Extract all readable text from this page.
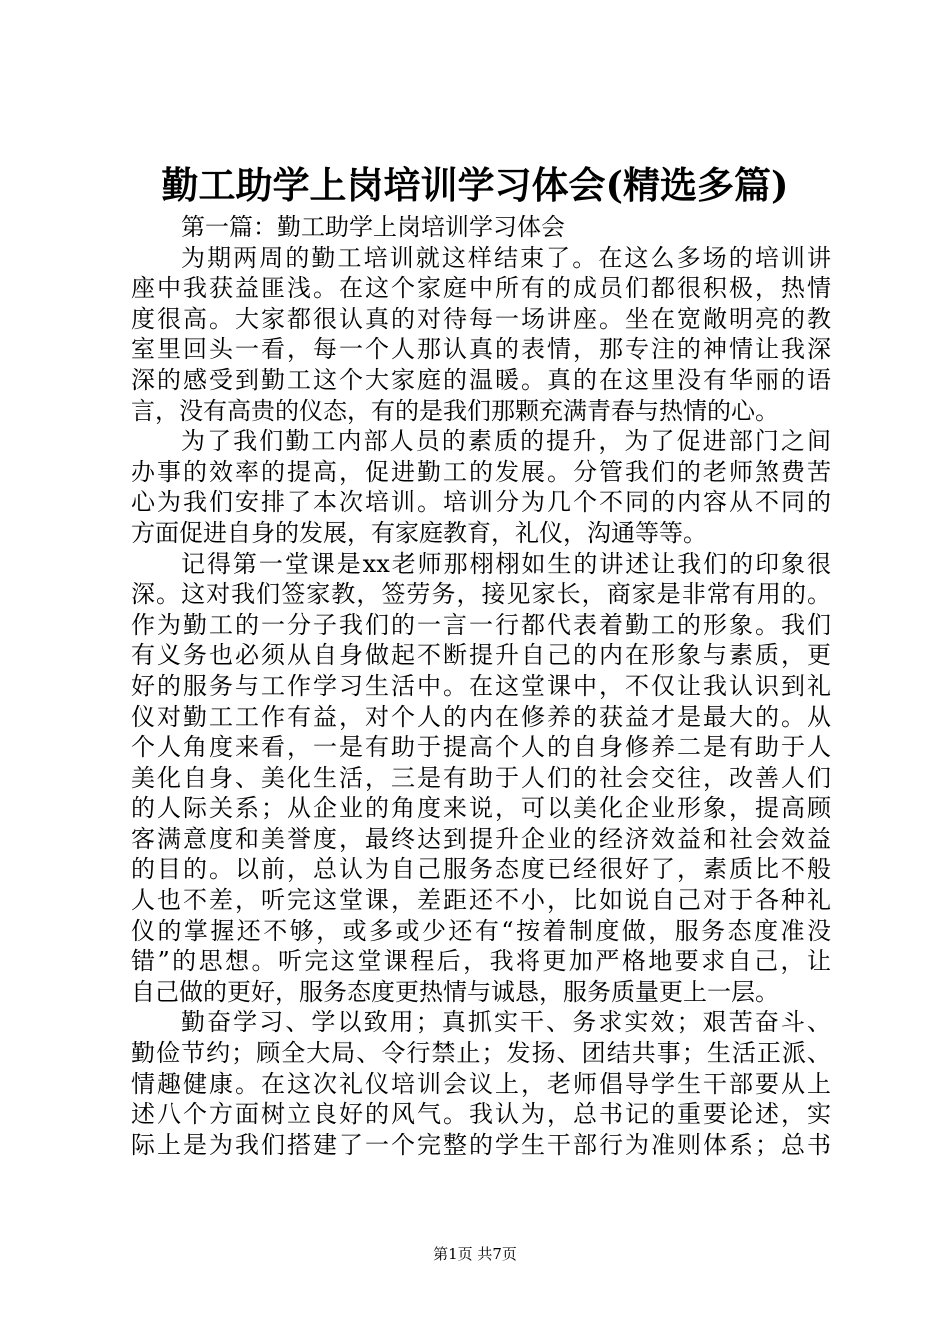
勤工助学上岗培训学习体会(精选多篇)
第一篇：勤工助学上岗培训学习体会
为期两周的勤工培训就这样结束了。在这么多场的培训讲
座中我获益匪浅。在这个家庭中所有的成员们都很积极，热情
度很高。大家都很认真的对待每一场讲座。坐在宽敞明亮的教
室里回头一看，每一个人那认真的表情，那专注的神情让我深
深的感受到勤工这个大家庭的温暖。真的在这里没有华丽的语
言，没有高贵的仪态，有的是我们那颗充满青春与热情的心。
为了我们勤工内部人员的素质的提升，为了促进部门之间
办事的效率的提高，促进勤工的发展。分管我们的老师煞费苦
心为我们安排了本次培训。培训分为几个不同的内容从不同的
方面促进自身的发展，有家庭教育，礼仪，沟通等等。
记得第一堂课是xx老师那栩栩如生的讲述让我们的印象很
深。这对我们签家教，签劳务，接见家长，商家是非常有用的。
作为勤工的一分子我们的一言一行都代表着勤工的形象。我们
有义务也必须从自身做起不断提升自己的内在形象与素质，更
好的服务与工作学习生活中。在这堂课中，不仅让我认识到礼
仪对勤工工作有益，对个人的内在修养的获益才是最大的。从
个人角度来看，一是有助于提高个人的自身修养二是有助于人
美化自身、美化生活，三是有助于人们的社会交往，改善人们
的人际关系；从企业的角度来说，可以美化企业形象，提高顾
客满意度和美誉度，最终达到提升企业的经济效益和社会效益
的目的。以前，总认为自己服务态度已经很好了，素质比不般
人也不差，听完这堂课，差距还不小，比如说自己对于各种礼
仪的掌握还不够，或多或少还有“按着制度做，服务态度准没
错”的思想。听完这堂课程后，我将更加严格地要求自己，让
自己做的更好，服务态度更热情与诚恳，服务质量更上一层。
勤奋学习、学以致用；真抓实干、务求实效；艰苦奋斗、
勤俭节约；顾全大局、令行禁止；发扬、团结共事；生活正派、
情趣健康。在这次礼仪培训会议上，老师倡导学生干部要从上
述八个方面树立良好的风气。我认为，总书记的重要论述，实
际上是为我们搭建了一个完整的学生干部行为准则体系；总书
第1页 共7页
